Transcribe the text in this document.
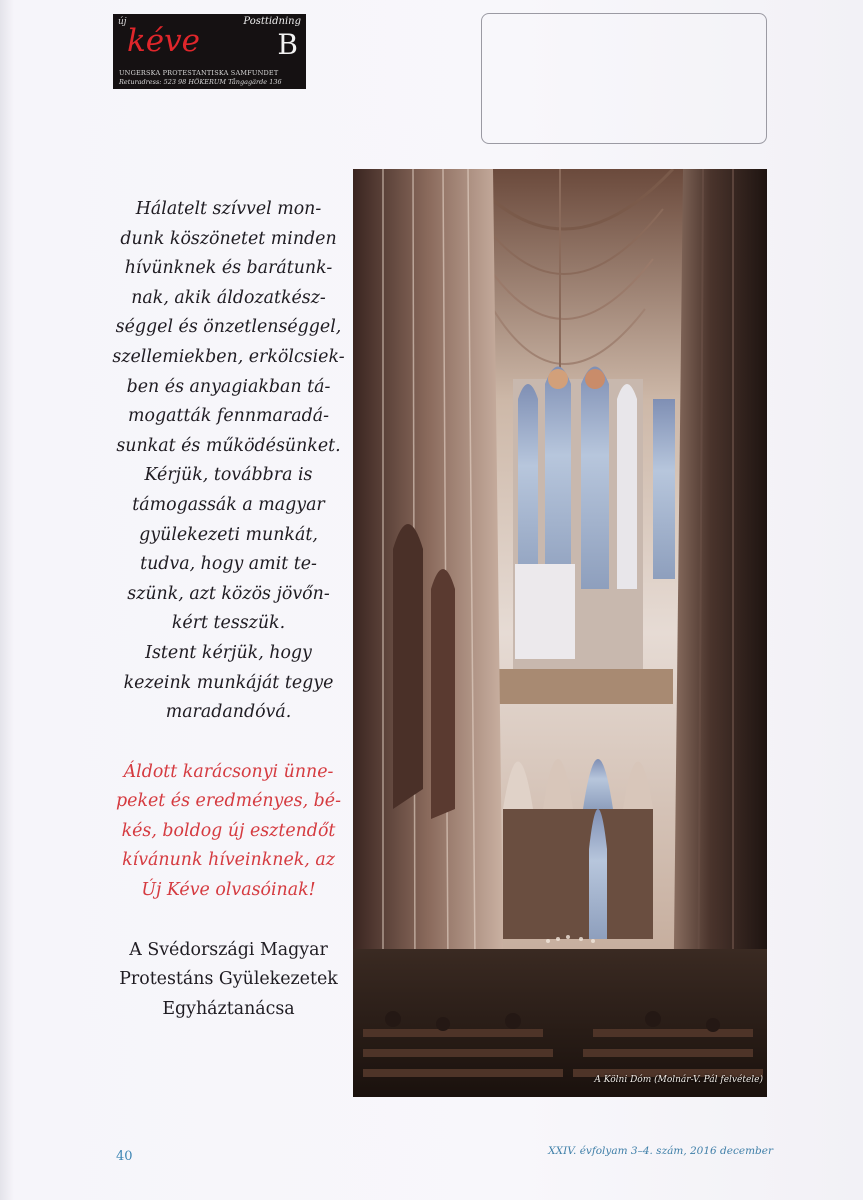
új
kéve
Posttidning
B
UNGERSKA PROTESTANTISKA SAMFUNDET
Returadress: 523 98 HÖKERUM Tångagärde 136
Hálatelt szívvel mon-
dunk köszönetet minden
hívünknek és barátunk-
nak, akik áldozatkész-
séggel és önzetlenséggel,
szellemiekben, erkölcsiek-
ben és anyagiakban tá-
mogatták fennmaradá-
sunkat és működésünket.
Kérjük, továbbra is
támogassák a magyar
gyülekezeti munkát,
tudva, hogy amit te-
szünk, azt közös jövőn-
kért tesszük.
Istent kérjük, hogy
kezeink munkáját tegye
maradandóvá.
Áldott karácsonyi ünne-
peket és eredményes, bé-
kés, boldog új esztendőt
kívánunk híveinknek, az
Új Kéve olvasóinak!
A Svédországi Magyar
Protestáns Gyülekezetek
Egyháztanácsa
A Kölni Dóm (Molnár-V. Pál felvétele)
40	XXIV. évfolyam 3–4. szám, 2016 december
